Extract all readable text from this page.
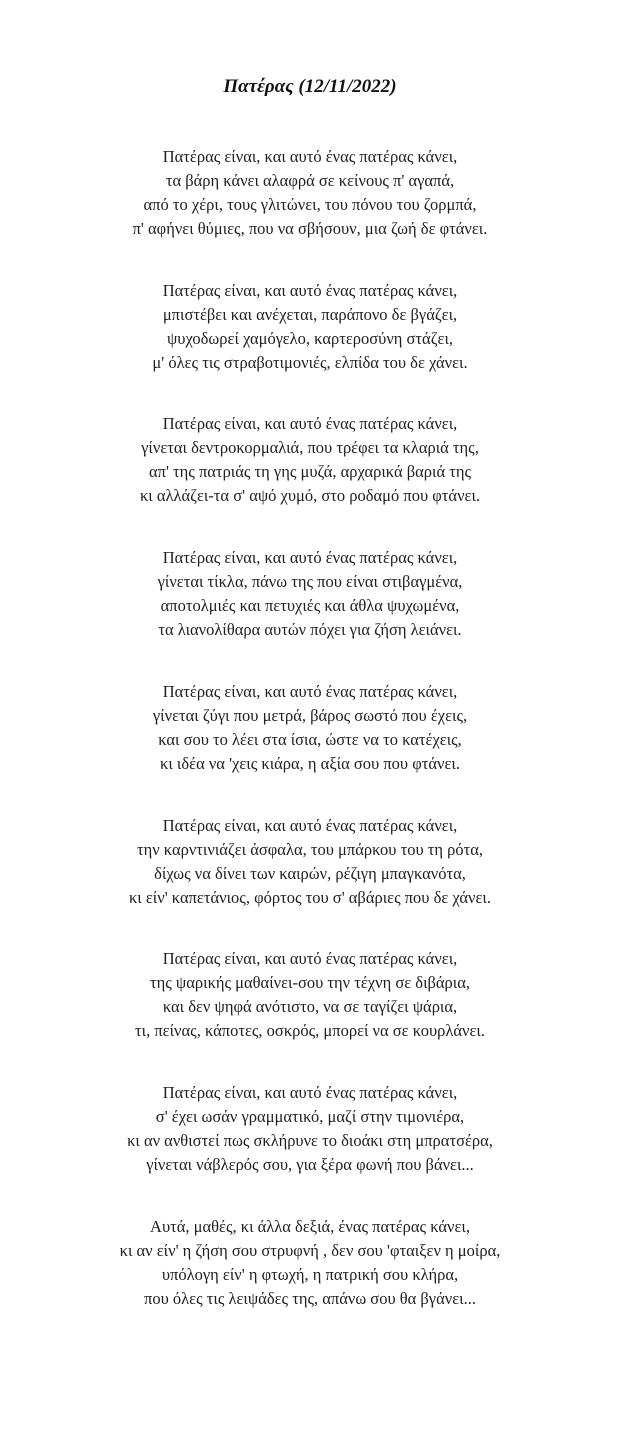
Πατέρας (12/11/2022)
Πατέρας είναι, και αυτό ένας πατέρας κάνει,
τα βάρη κάνει αλαφρά σε κείνους π' αγαπά,
από το χέρι, τους γλιτώνει, του πόνου του ζορμπά,
π' αφήνει θύμιες, που να σβήσουν, μια ζωή δε φτάνει.
Πατέρας είναι, και αυτό ένας πατέρας κάνει,
μπιστέβει και ανέχεται, παράπονο δε βγάζει,
ψυχοδωρεί χαμόγελο, καρτεροσύνη στάζει,
μ' όλες τις στραβοτιμονιές, ελπίδα του δε χάνει.
Πατέρας είναι, και αυτό ένας πατέρας κάνει,
γίνεται δεντροκορμαλιά, που τρέφει τα κλαριά της,
απ' της πατριάς τη γης μυζά, αρχαρικά βαριά της
κι αλλάζει-τα σ' αψό χυμό, στο ροδαμό που φτάνει.
Πατέρας είναι, και αυτό ένας πατέρας κάνει,
γίνεται τίκλα, πάνω της που είναι στιβαγμένα,
αποτολμιές και πετυχιές και άθλα ψυχωμένα,
τα λιανολίθαρα αυτών πόχει για ζήση λειάνει.
Πατέρας είναι, και αυτό ένας πατέρας κάνει,
γίνεται ζύγι που μετρά, βάρος σωστό που έχεις,
και σου το λέει στα ίσια, ώστε να το κατέχεις,
κι ιδέα να 'χεις κιάρα, η αξία σου που φτάνει.
Πατέρας είναι, και αυτό ένας πατέρας κάνει,
την καρντινιάζει άσφαλα, του μπάρκου του τη ρότα,
δίχως να δίνει των καιρών, ρέζιγη μπαγκανότα,
κι είν' καπετάνιος, φόρτος του σ' αβάριες που δε χάνει.
Πατέρας είναι, και αυτό ένας πατέρας κάνει,
της ψαρικής μαθαίνει-σου την τέχνη σε διβάρια,
και δεν ψηφά ανότιστο, να σε ταγίζει ψάρια,
τι, πείνας, κάποτες, οσκρός, μπορεί να σε κουρλάνει.
Πατέρας είναι, και αυτό ένας πατέρας κάνει,
σ' έχει ωσάν γραμματικό, μαζί στην τιμονιέρα,
κι αν ανθιστεί πως σκλήρυνε το διοάκι στη μπρατσέρα,
γίνεται νάβλερός σου, για ξέρα φωνή που βάνει...
Αυτά, μαθές, κι άλλα δεξιά, ένας πατέρας κάνει,
κι αν είν' η ζήση σου στρυφνή , δεν σου 'φταιξεν η μοίρα,
υπόλογη είν' η φτωχή, η πατρική σου κλήρα,
που όλες τις λειψάδες της, απάνω σου θα βγάνει...
